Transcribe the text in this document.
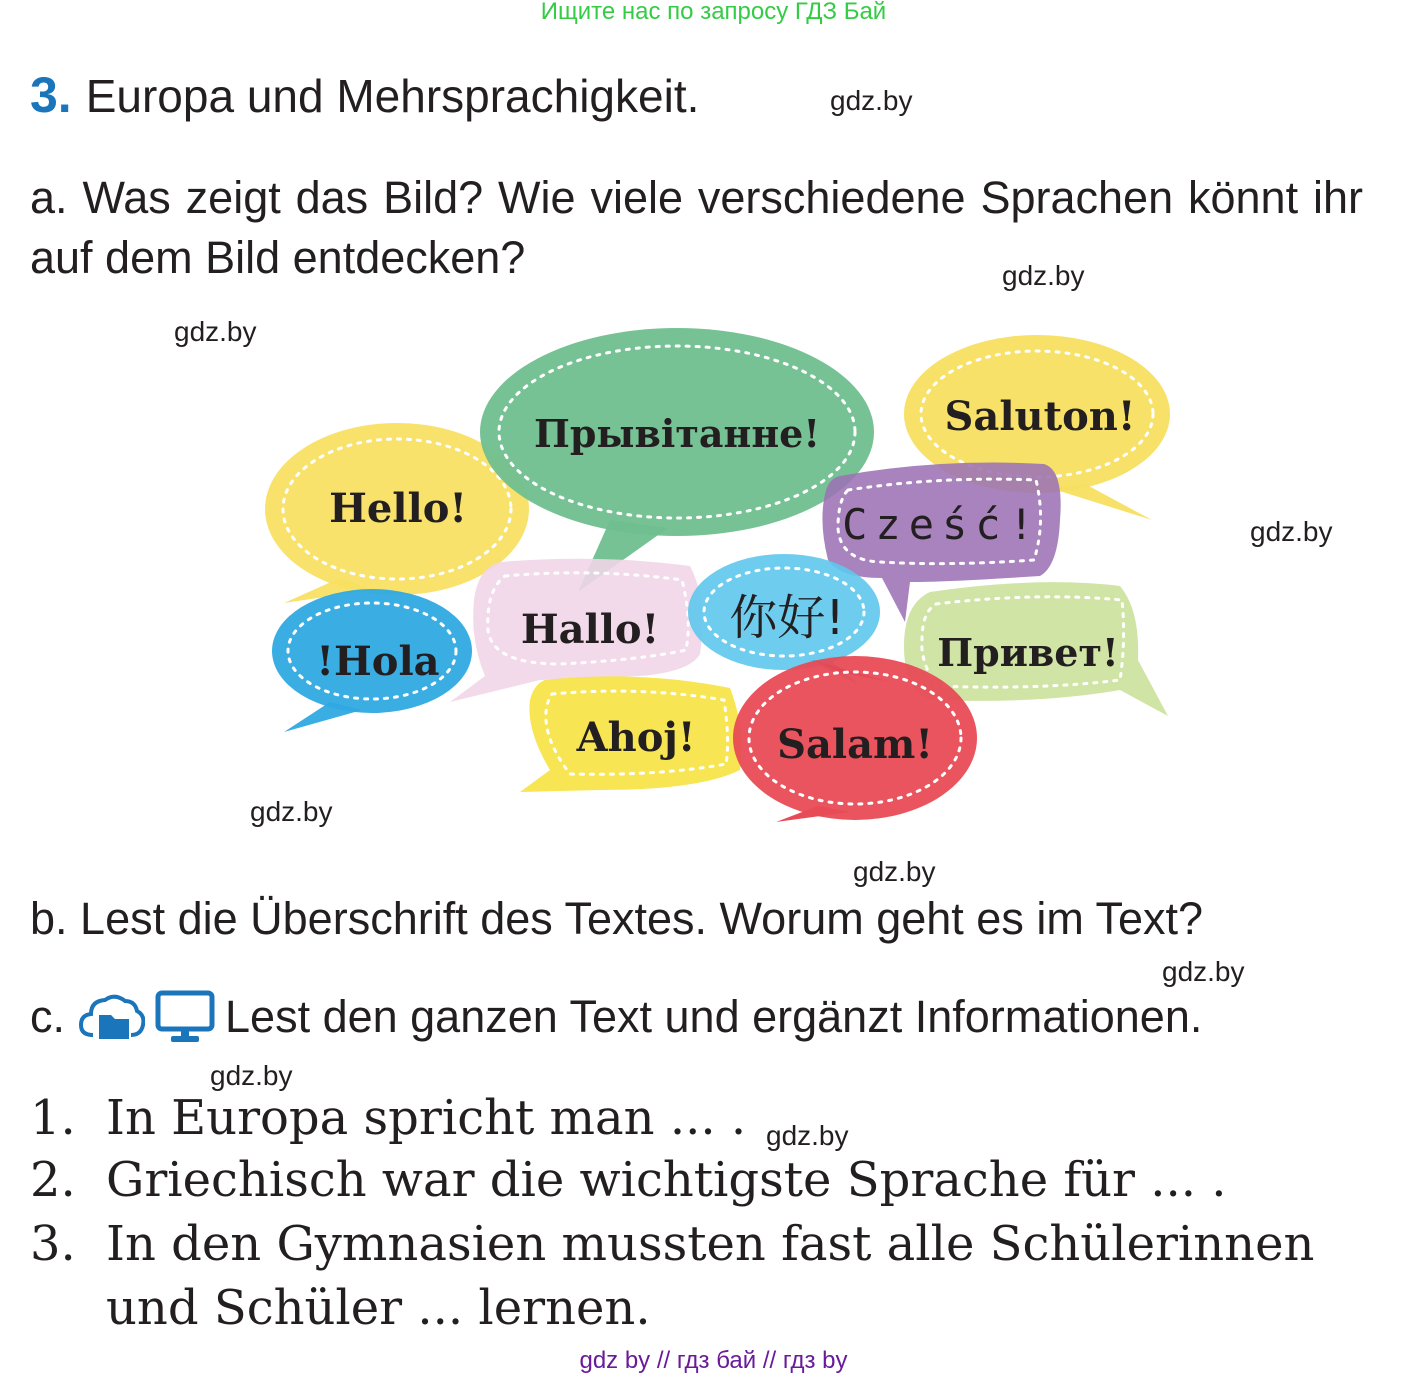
Ищите нас по запросу ГДЗ Бай
3. Europa und Mehrsprachigkeit.	gdz.by
gdz.by
gdz.by
gdz.by
gdz.by
gdz.by
gdz.by
gdz.by
gdz.by
a. Was zeigt das Bild? Wie viele verschiedene Sprachen könnt ihr auf dem Bild entdecken?
Hello!
Прывітанне!	Saluton!
Cześć!
!Hola
Hallo! 你好!
Привет!
Ahoj! Salam!
b. Lest die Überschrift des Textes. Worum geht es im Text?
c.	Lest den ganzen Text und ergänzt Informationen.
1. In Europa spricht man ... .
2. Griechisch war die wichtigste Sprache für ... .
3. In den Gymnasien mussten fast alle Schülerinnen
und Schüler ... lernen.
gdz by // гдз бай // гдз by
